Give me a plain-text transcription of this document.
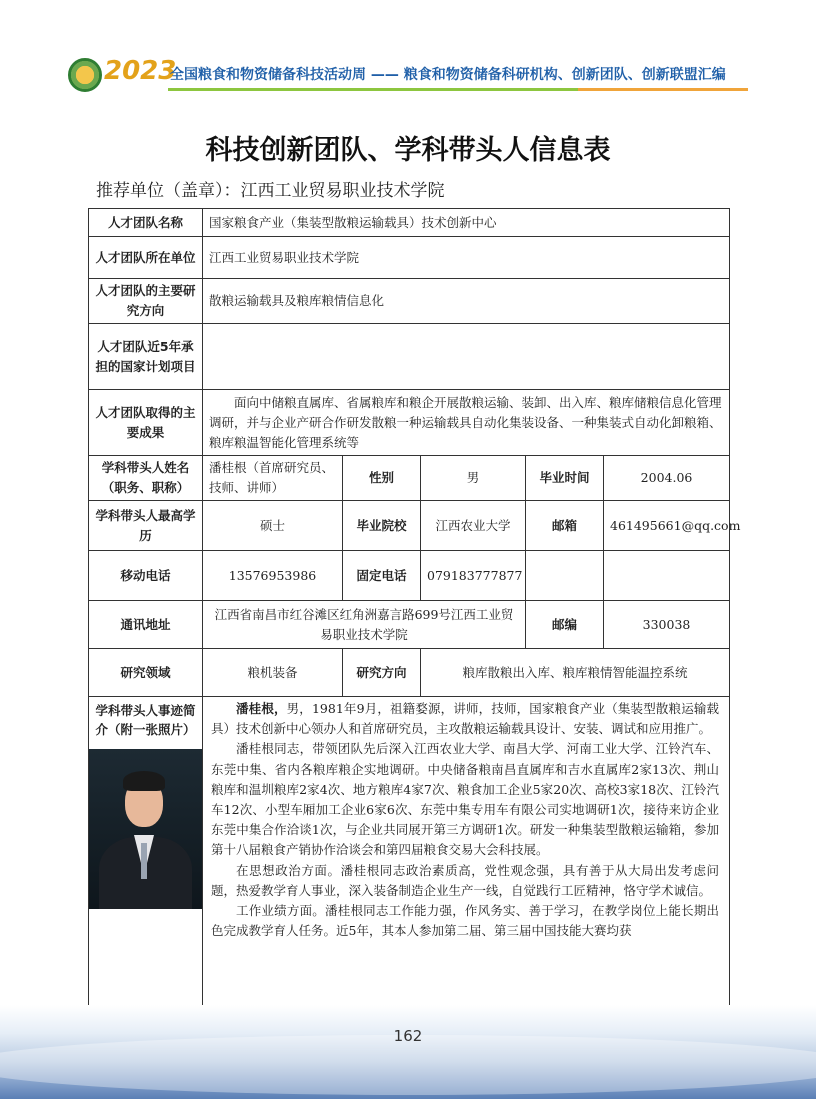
2023
全国粮食和物资储备科技活动周 —— 粮食和物资储备科研机构、创新团队、创新联盟汇编
科技创新团队、学科带头人信息表
推荐单位（盖章）：江西工业贸易职业技术学院
人才团队名称	国家粮食产业（集装型散粮运输载具）技术创新中心				
人才团队所在单位	江西工业贸易职业技术学院				
人才团队的主要研究方向	散粮运输载具及粮库粮情信息化				
人才团队近5年承担的国家计划项目					
人才团队取得的主要成果	面向中储粮直属库、省属粮库和粮企开展散粮运输、装卸、出入库、粮库储粮信息化管理调研，并与企业产研合作研发散粮一种运输载具自动化集装设备、一种集装式自动化卸粮箱、粮库粮温智能化管理系统等				
学科带头人姓名（职务、职称）	潘桂根（首席研究员、技师、讲师）	性别	男	毕业时间	2004.06
学科带头人最高学历	硕士	毕业院校	江西农业大学	邮箱	461495661@qq.com
移动电话	13576953986	固定电话	079183777877		
通讯地址	江西省南昌市红谷滩区红角洲嘉言路699号江西工业贸易职业技术学院			邮编	330038
研究领域	粮机装备	研究方向	粮库散粮出入库、粮库粮情智能温控系统		

学科带头人事迹简介（附一张照片）	潘桂根，男，1981年9月，祖籍婺源，讲师，技师，国家粮食产业（集装型散粮运输载具）技术创新中心领办人和首席研究员，主攻散粮运输载具设计、安装、调试和应用推广。

潘桂根同志，带领团队先后深入江西农业大学、南昌大学、河南工业大学、江铃汽车、东莞中集、省内各粮库粮企实地调研。中央储备粮南昌直属库和吉水直属库2家13次、荆山粮库和温圳粮库2家4次、地方粮库4家7次、粮食加工企业5家20次、高校3家18次、江铃汽车12次、小型车厢加工企业6家6次、东莞中集专用车有限公司实地调研1次，接待来访企业东莞中集合作洽谈1次，与企业共同展开第三方调研1次。研发一种集装型散粮运输箱，参加第十八届粮食产销协作洽谈会和第四届粮食交易大会科技展。

在思想政治方面。潘桂根同志政治素质高，党性观念强，具有善于从大局出发考虑问题，热爱教学育人事业，深入装备制造企业生产一线，自觉践行工匠精神，恪守学术诚信。

工作业绩方面。潘桂根同志工作能力强，作风务实、善于学习，在教学岗位上能长期出色完成教学育人任务。近5年，其本人参加第二届、第三届中国技能大赛均获				

162
